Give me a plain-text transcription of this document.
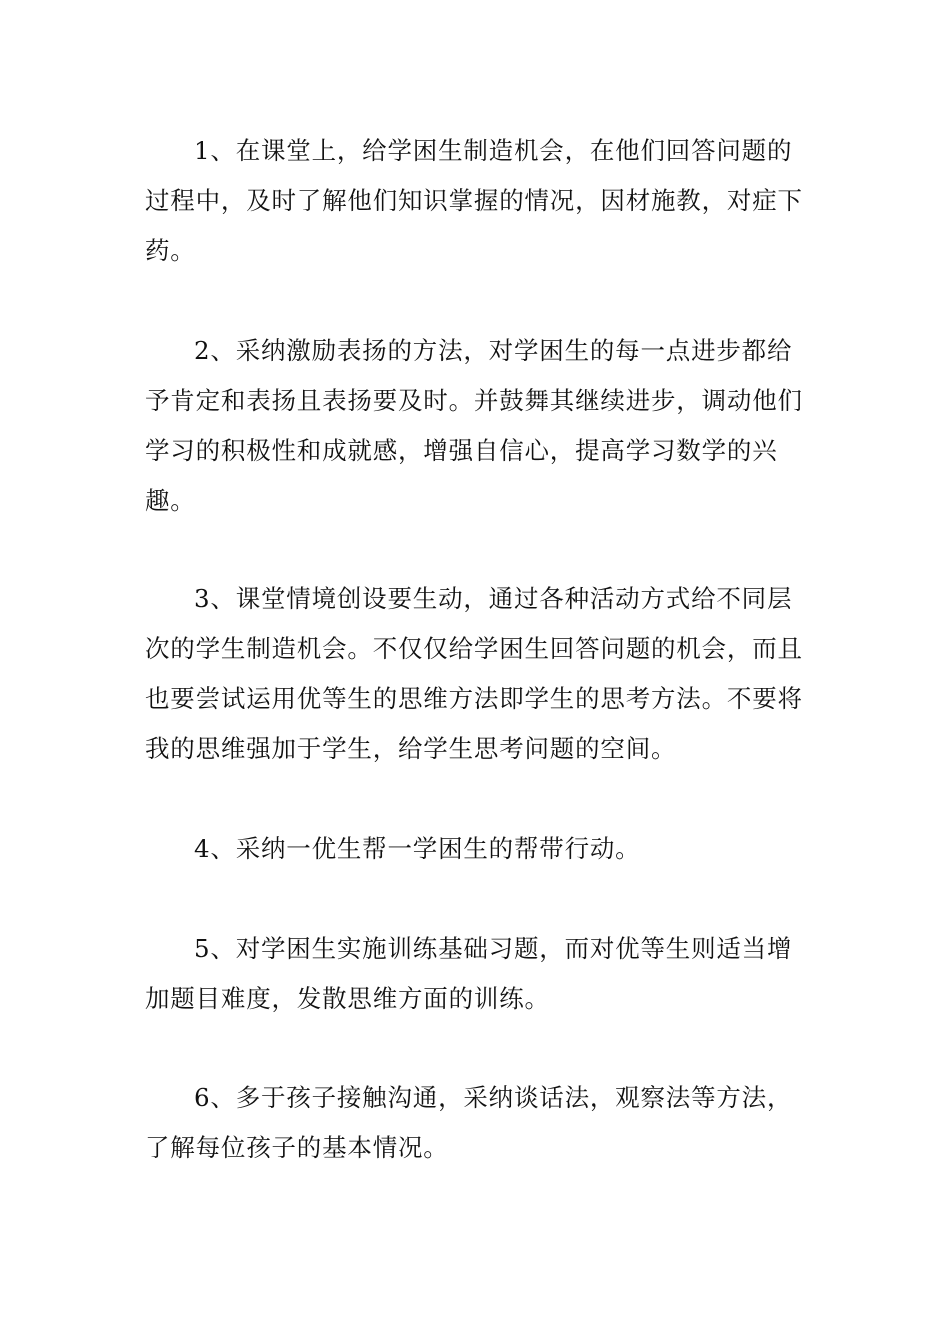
1、在课堂上，给学困生制造机会，在他们回答问题的过程中，及时了解他们知识掌握的情况，因材施教，对症下药。

2、采纳激励表扬的方法，对学困生的每一点进步都给予肯定和表扬且表扬要及时。并鼓舞其继续进步，调动他们学习的积极性和成就感，增强自信心，提高学习数学的兴趣。

3、课堂情境创设要生动，通过各种活动方式给不同层次的学生制造机会。不仅仅给学困生回答问题的机会，而且也要尝试运用优等生的思维方法即学生的思考方法。不要将我的思维强加于学生，给学生思考问题的空间。

4、采纳一优生帮一学困生的帮带行动。

5、对学困生实施训练基础习题，而对优等生则适当增加题目难度，发散思维方面的训练。

6、多于孩子接触沟通，采纳谈话法，观察法等方法，了解每位孩子的基本情况。
